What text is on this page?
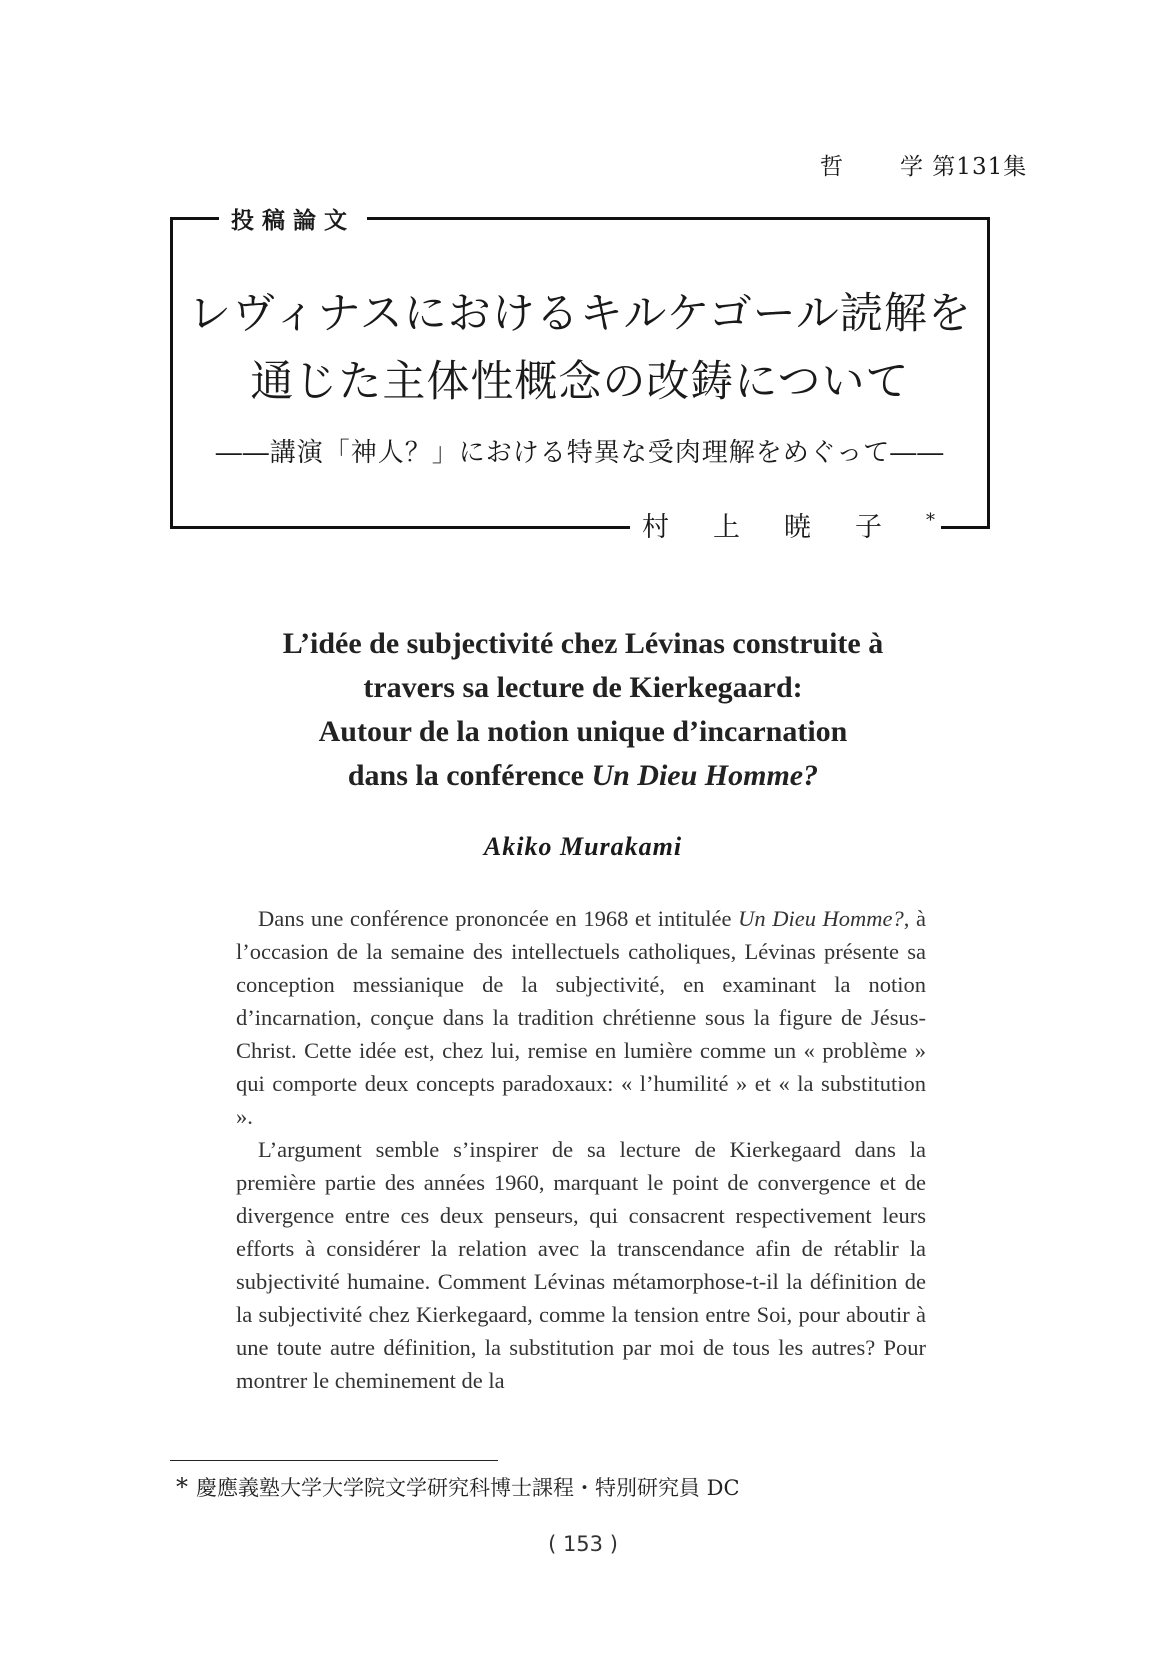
哲 学 第131集
投稿論文
レヴィナスにおけるキルケゴール読解を
通じた主体性概念の改鋳について
――講演「神人？」における特異な受肉理解をめぐって――
村上暁子*
L’idée de subjectivité chez Lévinas construite à
travers sa lecture de Kierkegaard:
Autour de la notion unique d’incarnation
dans la conférence Un Dieu Homme?
Akiko Murakami

Dans une conférence prononcée en 1968 et intitulée Un Dieu Homme?, à l’occasion de la semaine des intellectuels catholiques, Lévinas présente sa conception messianique de la subjectivité, en examinant la notion d’incarnation, conçue dans la tradition chrétienne sous la figure de Jésus-Christ. Cette idée est, chez lui, remise en lumière comme un « problème » qui comporte deux concepts paradoxaux: « l’humilité » et « la substitution ».

L’argument semble s’inspirer de sa lecture de Kierkegaard dans la première partie des années 1960, marquant le point de convergence et de divergence entre ces deux penseurs, qui consacrent respectivement leurs efforts à considérer la relation avec la transcendance afin de rétablir la subjectivité humaine. Comment Lévinas métamorphose-t-il la définition de la subjectivité chez Kierkegaard, comme la tension entre Soi, pour aboutir à une toute autre définition, la substitution par moi de tous les autres? Pour montrer le cheminement de la

* 慶應義塾大学大学院文学研究科博士課程・特別研究員 DC
( 153 )
